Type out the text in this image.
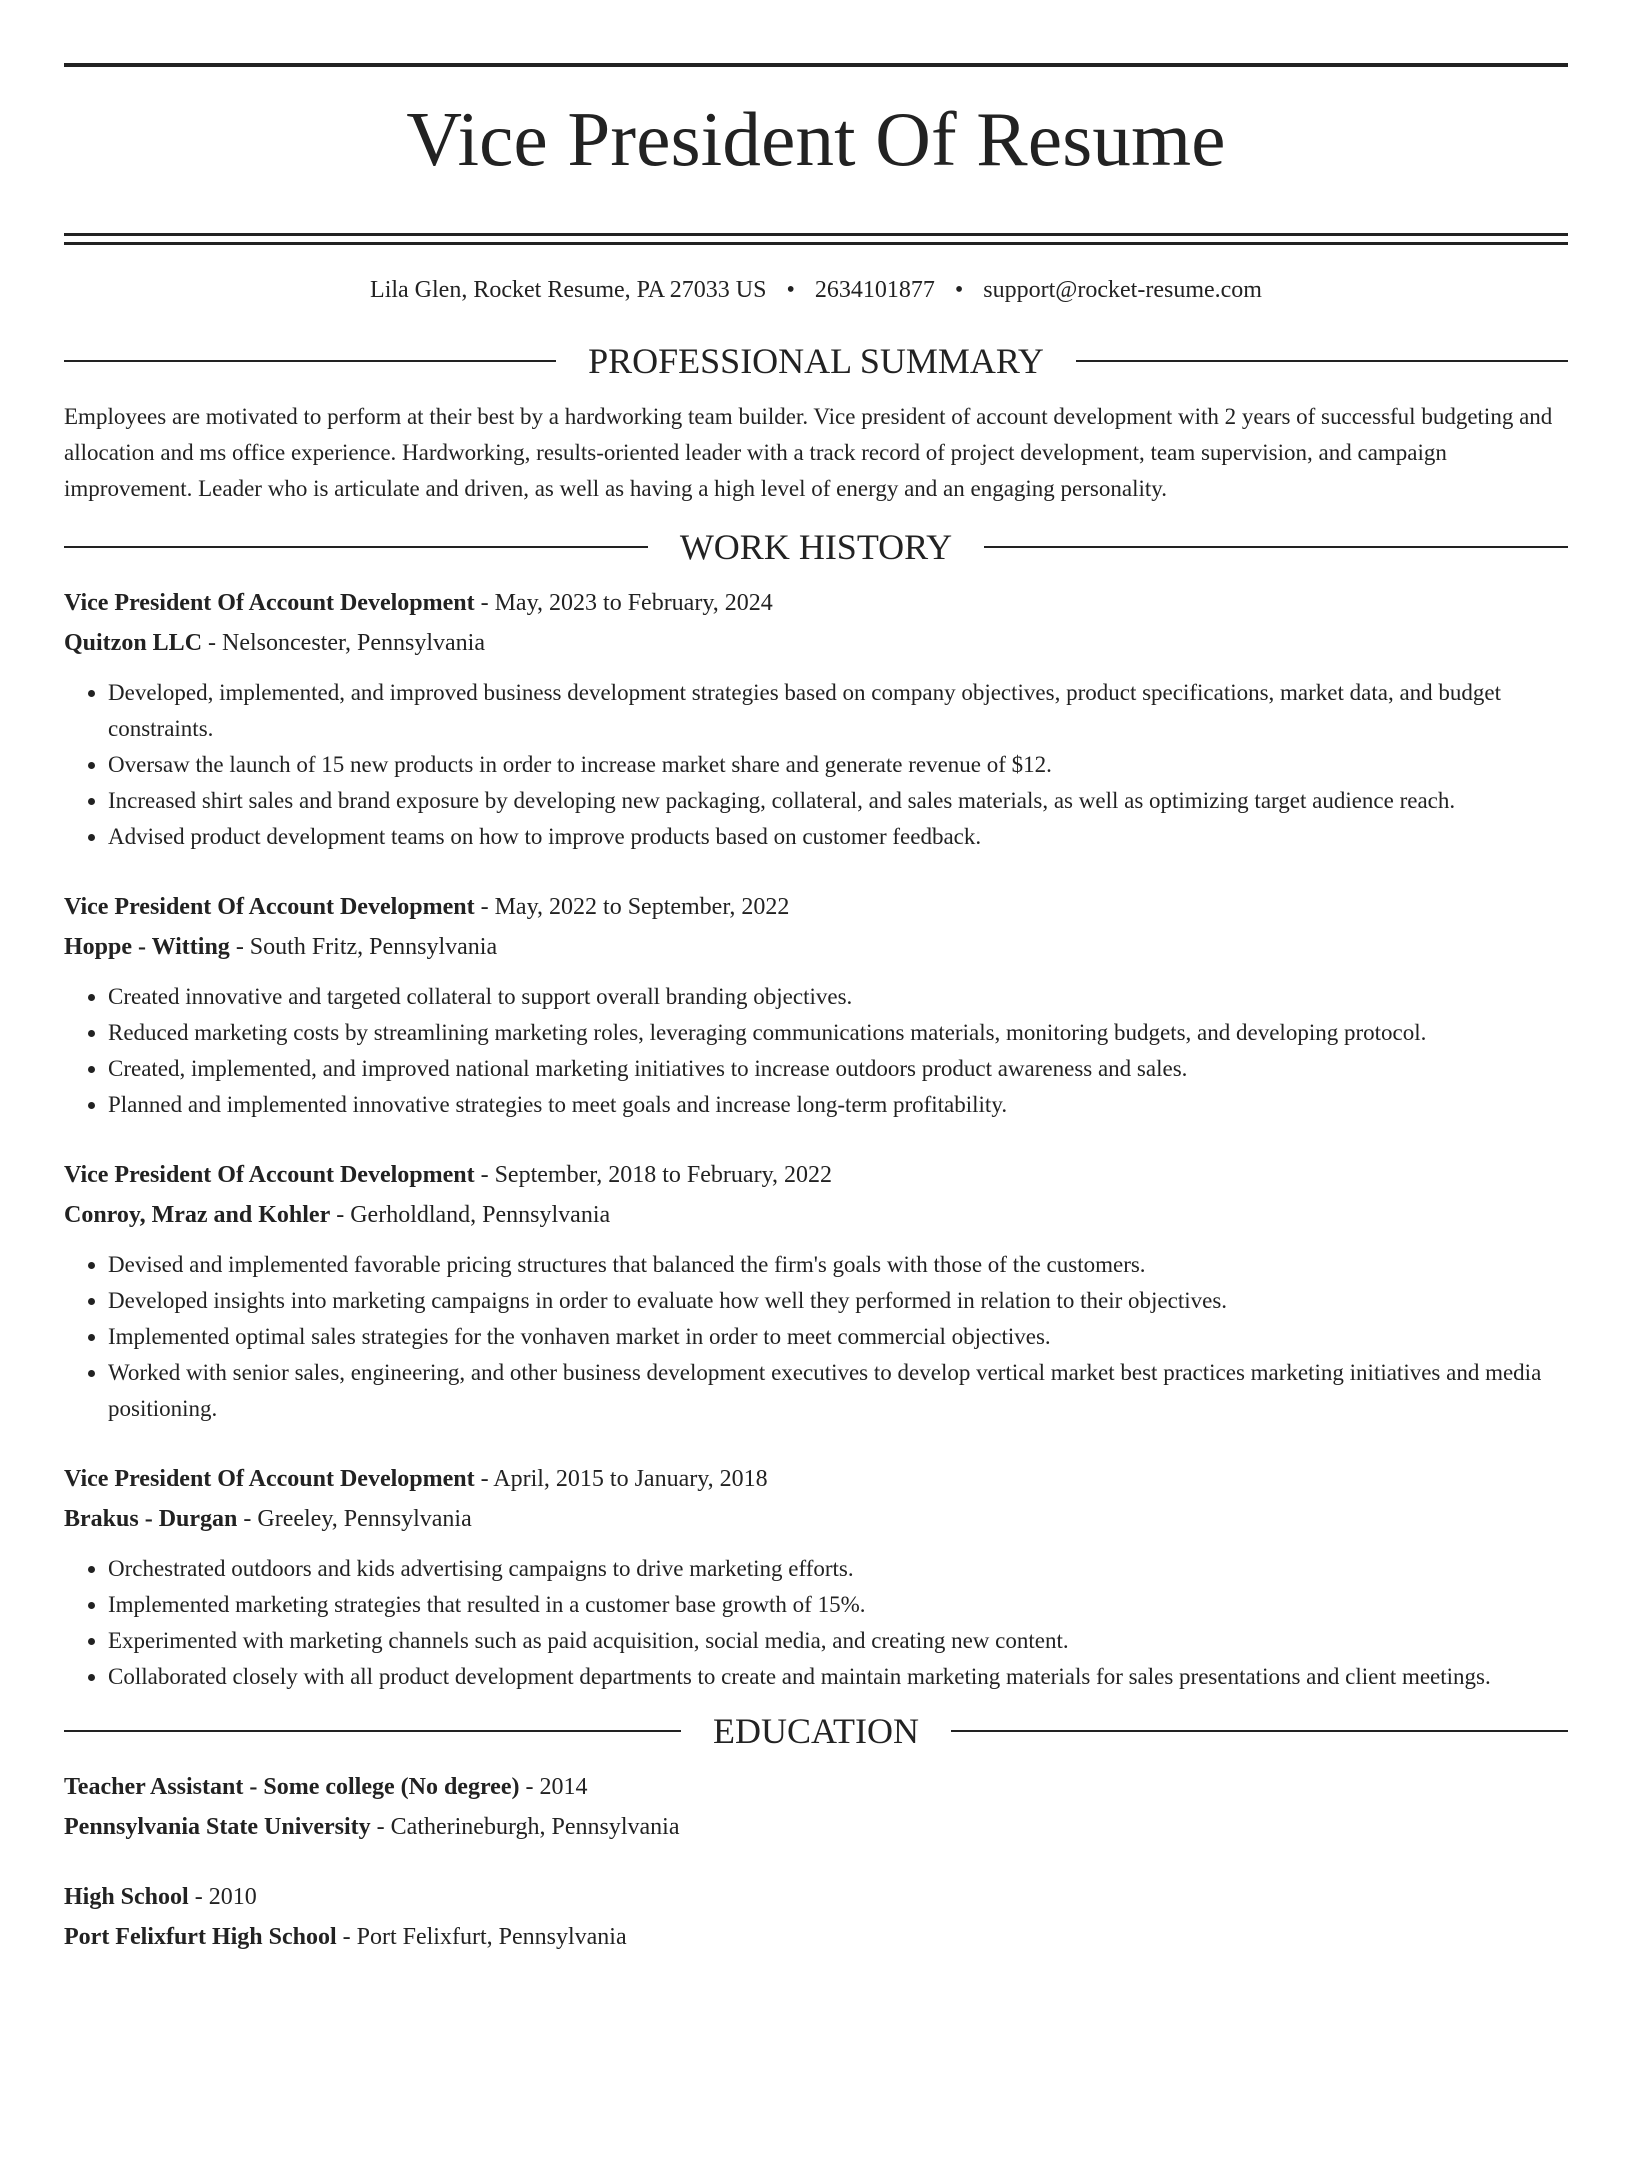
Vice President Of Resume
Lila Glen, Rocket Resume, PA 27033 US • 2634101877 • support@rocket-resume.com
PROFESSIONAL SUMMARY
Employees are motivated to perform at their best by a hardworking team builder. Vice president of account development with 2 years of successful budgeting and allocation and ms office experience. Hardworking, results-oriented leader with a track record of project development, team supervision, and campaign improvement. Leader who is articulate and driven, as well as having a high level of energy and an engaging personality.
WORK HISTORY
Vice President Of Account Development - May, 2023 to February, 2024
Quitzon LLC - Nelsoncester, Pennsylvania
• Developed, implemented, and improved business development strategies based on company objectives, product specifications, market data, and budget constraints.
• Oversaw the launch of 15 new products in order to increase market share and generate revenue of $12.
• Increased shirt sales and brand exposure by developing new packaging, collateral, and sales materials, as well as optimizing target audience reach.
• Advised product development teams on how to improve products based on customer feedback.
Vice President Of Account Development - May, 2022 to September, 2022
Hoppe - Witting - South Fritz, Pennsylvania
• Created innovative and targeted collateral to support overall branding objectives.
• Reduced marketing costs by streamlining marketing roles, leveraging communications materials, monitoring budgets, and developing protocol.
• Created, implemented, and improved national marketing initiatives to increase outdoors product awareness and sales.
• Planned and implemented innovative strategies to meet goals and increase long-term profitability.
Vice President Of Account Development - September, 2018 to February, 2022
Conroy, Mraz and Kohler - Gerholdland, Pennsylvania
• Devised and implemented favorable pricing structures that balanced the firm's goals with those of the customers.
• Developed insights into marketing campaigns in order to evaluate how well they performed in relation to their objectives.
• Implemented optimal sales strategies for the vonhaven market in order to meet commercial objectives.
• Worked with senior sales, engineering, and other business development executives to develop vertical market best practices marketing initiatives and media positioning.
Vice President Of Account Development - April, 2015 to January, 2018
Brakus - Durgan - Greeley, Pennsylvania
• Orchestrated outdoors and kids advertising campaigns to drive marketing efforts.
• Implemented marketing strategies that resulted in a customer base growth of 15%.
• Experimented with marketing channels such as paid acquisition, social media, and creating new content.
• Collaborated closely with all product development departments to create and maintain marketing materials for sales presentations and client meetings.
EDUCATION
Teacher Assistant - Some college (No degree) - 2014
Pennsylvania State University - Catherineburgh, Pennsylvania
High School - 2010
Port Felixfurt High School - Port Felixfurt, Pennsylvania
